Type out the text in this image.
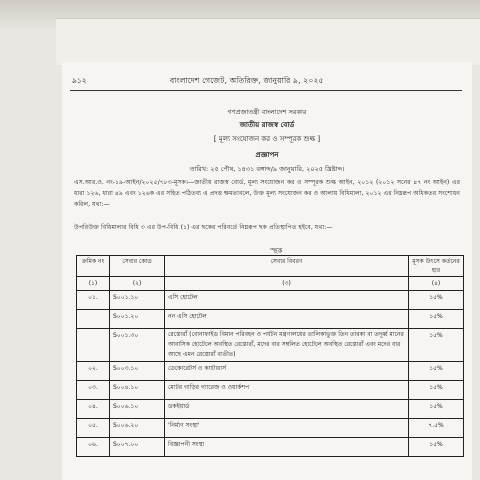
৯১২	বাংলাদেশ গেজেট, অতিরিক্ত, জানুয়ারি ৯, ২০২৫
গণপ্রজাতন্ত্রী বাংলাদেশ সরকার
জাতীয় রাজস্ব বোর্ড
[ মূল্য সংযোজন কর ও সম্পূরক শুল্ক ]
প্রজ্ঞাপন
তারিখ: ২৫ পৌষ, ১৪৩১ বঙ্গাব্দ/৯ জানুয়ারি, ২০২৫ খ্রিষ্টাব্দ।
এস.আর.ও. নং-১৯-আইন/২০২৫/৭৮৩-মূসক।—জাতীয় রাজস্ব বোর্ড, মূল্য সংযোজন কর ও সম্পূরক শুল্ক আইন, ২০১২ (২০১২ সনের ৪৭ নং আইন) এর ধারা ১২৬, ধারা ৪৯ এবং ১২৬ক এর সহিত পঠিতব্য এ প্রদত্ত ক্ষমতাবলে, উক্ত মূল্য সংযোজন কর ও আলায় বিধিমালা, ২০১২ এর নিম্নরূপ অধিকতর সংশোধন করিল, যথা:—
উপরিউক্ত বিধিমালার বিধি ৩ এর উপ-বিধি (১) এর ছকের পরিবর্তে নিম্নরূপ ছক প্রতিস্থাপিত হইবে, যথা:—
"ছক
ক্রমিক নং	সেবার কোড	সেবার বিবরণ	মূসক উৎসে কর্তনের হার
(১)	(২)	(৩)	(৪)
০১.	S০০১.১০	এসি হোটেল	১৫%
	S০০১.২০	নন এসি হোটেল	১৫%
	S০০১.৩০	রেস্তোরাঁ (বোনাফাইড বিমান পরিবহন ও পর্যটন মন্ত্রণালয়ের তালিকাভুক্ত তিন তারকা বা তদূর্ধ্ব মানের আবাসিক হোটেলে অবস্থিত রেস্তোরাঁ, মদের বার সম্বলিত হোটেলে অবস্থিত রেস্তোরাঁ এবং মদের বার আছে এমন রেস্তোরাঁ ব্যতীত)	১৫%
০২.	S০০৩.১০	ডেকোরেটর্স ও ক্যাটারার্স	১৫%
০৩.	S০০৪.১০	মোটর গাড়ির গ্যারেজ ও ওয়ার্কশপ	১৫%
০৪.	S০০৬.১০	ডকইয়ার্ড	১৫%
০৫.	S০০৬.২০	'নির্মাণ সংস্থা'	৭.৫%
০৬.	S০০৭.০০	বিজ্ঞাপনী সংস্থা	১৫%
